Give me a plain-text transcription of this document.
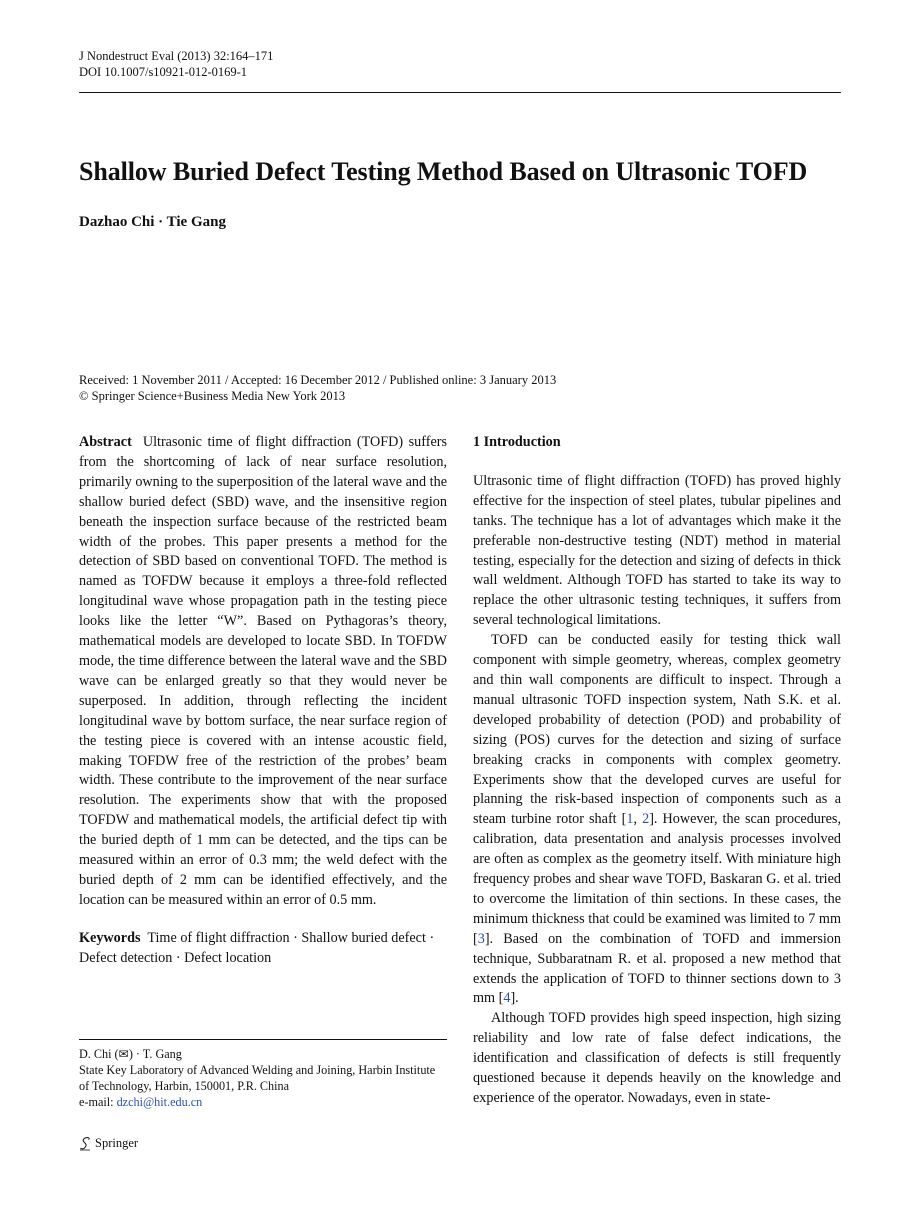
J Nondestruct Eval (2013) 32:164–171
DOI 10.1007/s10921-012-0169-1
Shallow Buried Defect Testing Method Based on Ultrasonic TOFD
Dazhao Chi · Tie Gang
Received: 1 November 2011 / Accepted: 16 December 2012 / Published online: 3 January 2013
© Springer Science+Business Media New York 2013

Abstract Ultrasonic time of flight diffraction (TOFD) suffers from the shortcoming of lack of near surface resolution, primarily owning to the superposition of the lateral wave and the shallow buried defect (SBD) wave, and the insensitive region beneath the inspection surface because of the restricted beam width of the probes. This paper presents a method for the detection of SBD based on conventional TOFD. The method is named as TOFDW because it employs a three-fold reflected longitudinal wave whose propagation path in the testing piece looks like the letter “W”. Based on Pythagoras’s theory, mathematical models are developed to locate SBD. In TOFDW mode, the time difference between the lateral wave and the SBD wave can be enlarged greatly so that they would never be superposed. In addition, through reflecting the incident longitudinal wave by bottom surface, the near surface region of the testing piece is covered with an intense acoustic field, making TOFDW free of the restriction of the probes’ beam width. These contribute to the improvement of the near surface resolution. The experiments show that with the proposed TOFDW and mathematical models, the artificial defect tip with the buried depth of 1 mm can be detected, and the tips can be measured within an error of 0.3 mm; the weld defect with the buried depth of 2 mm can be identified effectively, and the location can be measured within an error of 0.5 mm.

Keywords Time of flight diffraction · Shallow buried defect · Defect detection · Defect location

D. Chi (✉) · T. Gang
State Key Laboratory of Advanced Welding and Joining, Harbin Institute of Technology, Harbin, 150001, P.R. China
e-mail: dzchi@hit.edu.cn

1 Introduction

Ultrasonic time of flight diffraction (TOFD) has proved highly effective for the inspection of steel plates, tubular pipelines and tanks. The technique has a lot of advantages which make it the preferable non-destructive testing (NDT) method in material testing, especially for the detection and sizing of defects in thick wall weldment. Although TOFD has started to take its way to replace the other ultrasonic testing techniques, it suffers from several technological limitations.

TOFD can be conducted easily for testing thick wall component with simple geometry, whereas, complex geometry and thin wall components are difficult to inspect. Through a manual ultrasonic TOFD inspection system, Nath S.K. et al. developed probability of detection (POD) and probability of sizing (POS) curves for the detection and sizing of surface breaking cracks in components with complex geometry. Experiments show that the developed curves are useful for planning the risk-based inspection of components such as a steam turbine rotor shaft [1, 2]. However, the scan procedures, calibration, data presentation and analysis processes involved are often as complex as the geometry itself. With miniature high frequency probes and shear wave TOFD, Baskaran G. et al. tried to overcome the limitation of thin sections. In these cases, the minimum thickness that could be examined was limited to 7 mm [3]. Based on the combination of TOFD and immersion technique, Subbaratnam R. et al. proposed a new method that extends the application of TOFD to thinner sections down to 3 mm [4].

Although TOFD provides high speed inspection, high sizing reliability and low rate of false defect indications, the identification and classification of defects is still frequently questioned because it depends heavily on the knowledge and experience of the operator. Nowadays, even in state-

Springer
